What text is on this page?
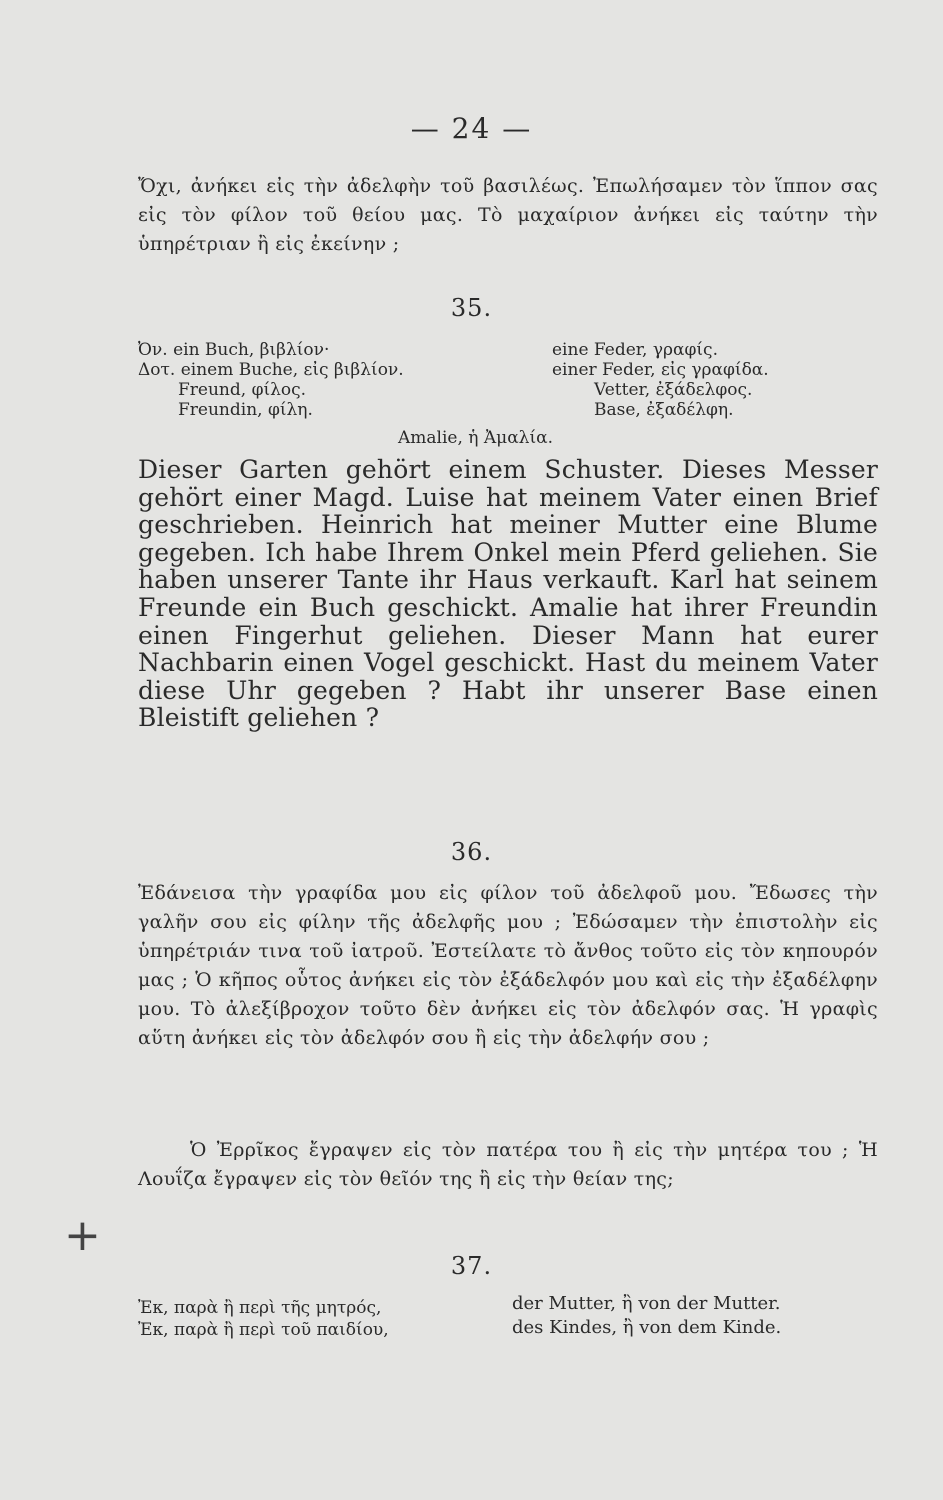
— 24 —
Ὄχι, ἀνήκει εἰς τὴν ἀδελφὴν τοῦ βασιλέως. Ἐπωλήσαμεν τὸν ἵππον σας εἰς τὸν φίλον τοῦ θείου μας. Τὸ μαχαίριον ἀνήκει εἰς ταύτην τὴν ὑπηρέτριαν ἢ εἰς ἐκείνην ;
35.
Ὀν. ein Buch, βιβλίον·
Δοτ. einem Buche, εἰς βιβλίον.
Freund, φίλος.
Freundin, φίλη.
eine Feder, γραφίς.
einer Feder, εἰς γραφίδα.
Vetter, ἐξάδελφος.
Base, ἐξαδέλφη.
Amalie, ἡ Ἀμαλία.
Dieser Garten gehört einem Schuster. Dieses Messer gehört einer Magd. Luise hat meinem Vater einen Brief geschrieben. Heinrich hat meiner Mutter eine Blume gegeben. Ich habe Ihrem Onkel mein Pferd geliehen. Sie haben unserer Tante ihr Haus verkauft. Karl hat seinem Freunde ein Buch geschickt. Amalie hat ihrer Freundin einen Fingerhut geliehen. Dieser Mann hat eurer Nachbarin einen Vogel geschickt. Hast du meinem Vater diese Uhr gegeben ? Habt ihr unserer Base einen Bleistift geliehen ?
36.
Ἐδάνεισα τὴν γραφίδα μου εἰς φίλον τοῦ ἀδελφοῦ μου. Ἔδωσες τὴν γαλῆν σου εἰς φίλην τῆς ἀδελφῆς μου ; Ἐδώσαμεν τὴν ἐπιστολὴν εἰς ὑπηρέτριάν τινα τοῦ ἰατροῦ. Ἐστείλατε τὸ ἄνθος τοῦτο εἰς τὸν κηπουρόν μας ; Ὁ κῆπος οὗτος ἀνήκει εἰς τὸν ἐξάδελφόν μου καὶ εἰς τὴν ἐξαδέλφην μου. Τὸ ἀλεξίβροχον τοῦτο δὲν ἀνήκει εἰς τὸν ἀδελφόν σας. Ἡ γραφὶς αὕτη ἀνήκει εἰς τὸν ἀδελφόν σου ἢ εἰς τὴν ἀδελφήν σου ;
Ὁ Ἐρρῖκος ἔγραψεν εἰς τὸν πατέρα του ἢ εἰς τὴν μητέρα του ; Ἡ Λουΐζα ἔγραψεν εἰς τὸν θεῖόν της ἢ εἰς τὴν θείαν της;
37.
Ἐκ, παρὰ ἢ περὶ τῆς μητρός,
Ἐκ, παρὰ ἢ περὶ τοῦ παιδίου,
der Mutter, ἢ von der Mutter.
des Kindes, ἢ von dem Kinde.
+
